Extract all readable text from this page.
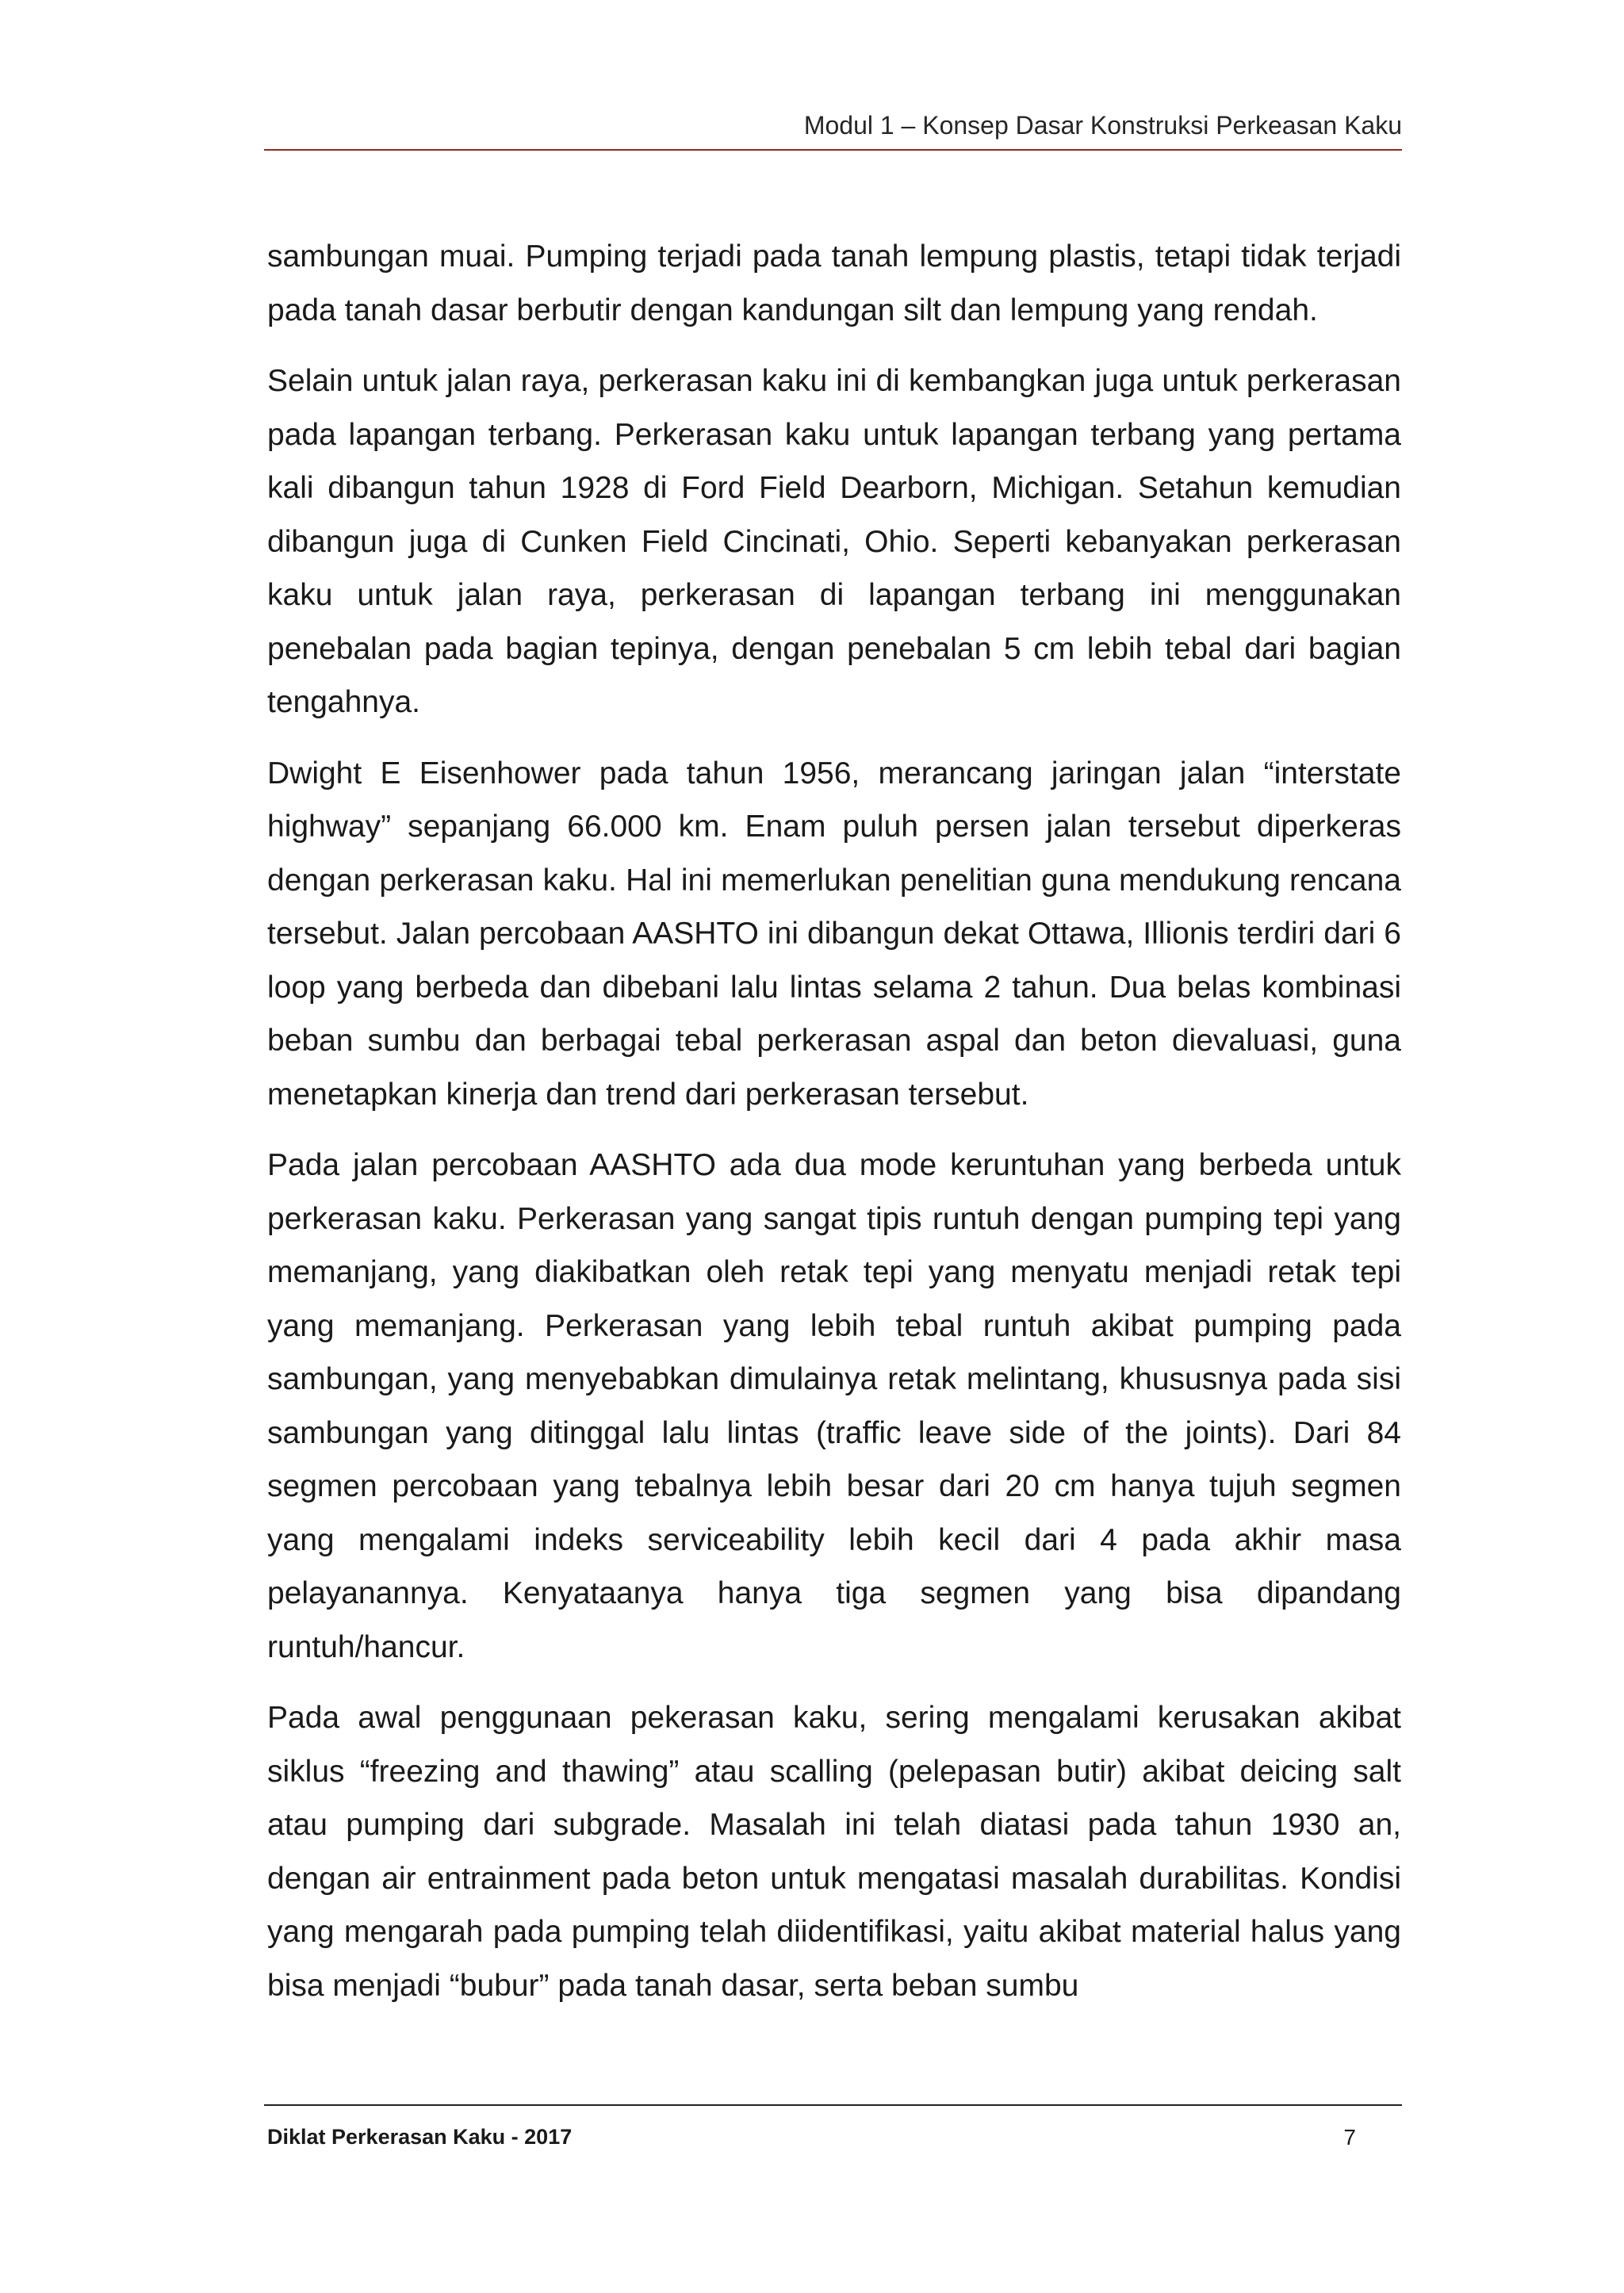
Modul 1 – Konsep Dasar Konstruksi Perkeasan Kaku

sambungan muai. Pumping terjadi pada tanah lempung plastis, tetapi tidak terjadi pada tanah dasar berbutir dengan kandungan silt dan lempung yang rendah.

Selain untuk jalan raya, perkerasan kaku ini di kembangkan juga untuk perkerasan pada lapangan terbang. Perkerasan kaku untuk lapangan terbang yang pertama kali dibangun tahun 1928 di Ford Field Dearborn, Michigan. Setahun kemudian dibangun juga di Cunken Field Cincinati, Ohio. Seperti kebanyakan perkerasan kaku untuk jalan raya, perkerasan di lapangan terbang ini menggunakan penebalan pada bagian tepinya, dengan penebalan 5 cm lebih tebal dari bagian tengahnya.

Dwight E Eisenhower pada tahun 1956, merancang jaringan jalan “interstate highway” sepanjang 66.000 km. Enam puluh persen jalan tersebut diperkeras dengan perkerasan kaku. Hal ini memerlukan penelitian guna mendukung rencana tersebut. Jalan percobaan AASHTO ini dibangun dekat Ottawa, Illionis terdiri dari 6 loop yang berbeda dan dibebani lalu lintas selama 2 tahun. Dua belas kombinasi beban sumbu dan berbagai tebal perkerasan aspal dan beton dievaluasi, guna menetapkan kinerja dan trend dari perkerasan tersebut.

Pada jalan percobaan AASHTO ada dua mode keruntuhan yang berbeda untuk perkerasan kaku. Perkerasan yang sangat tipis runtuh dengan pumping tepi yang memanjang, yang diakibatkan oleh retak tepi yang menyatu menjadi retak tepi yang memanjang. Perkerasan yang lebih tebal runtuh akibat pumping pada sambungan, yang menyebabkan dimulainya retak melintang, khususnya pada sisi sambungan yang ditinggal lalu lintas (traffic leave side of the joints). Dari 84 segmen percobaan yang tebalnya lebih besar dari 20 cm hanya tujuh segmen yang mengalami indeks serviceability lebih kecil dari 4 pada akhir masa pelayanannya. Kenyataanya hanya tiga segmen yang bisa dipandang runtuh/hancur.

Pada awal penggunaan pekerasan kaku, sering mengalami kerusakan akibat siklus “freezing and thawing” atau scalling (pelepasan butir) akibat deicing salt atau pumping dari subgrade. Masalah ini telah diatasi pada tahun 1930 an, dengan air entrainment pada beton untuk mengatasi masalah durabilitas. Kondisi yang mengarah pada pumping telah diidentifikasi, yaitu akibat material halus yang bisa menjadi “bubur” pada tanah dasar, serta beban sumbu

Diklat Perkerasan Kaku - 2017	7
